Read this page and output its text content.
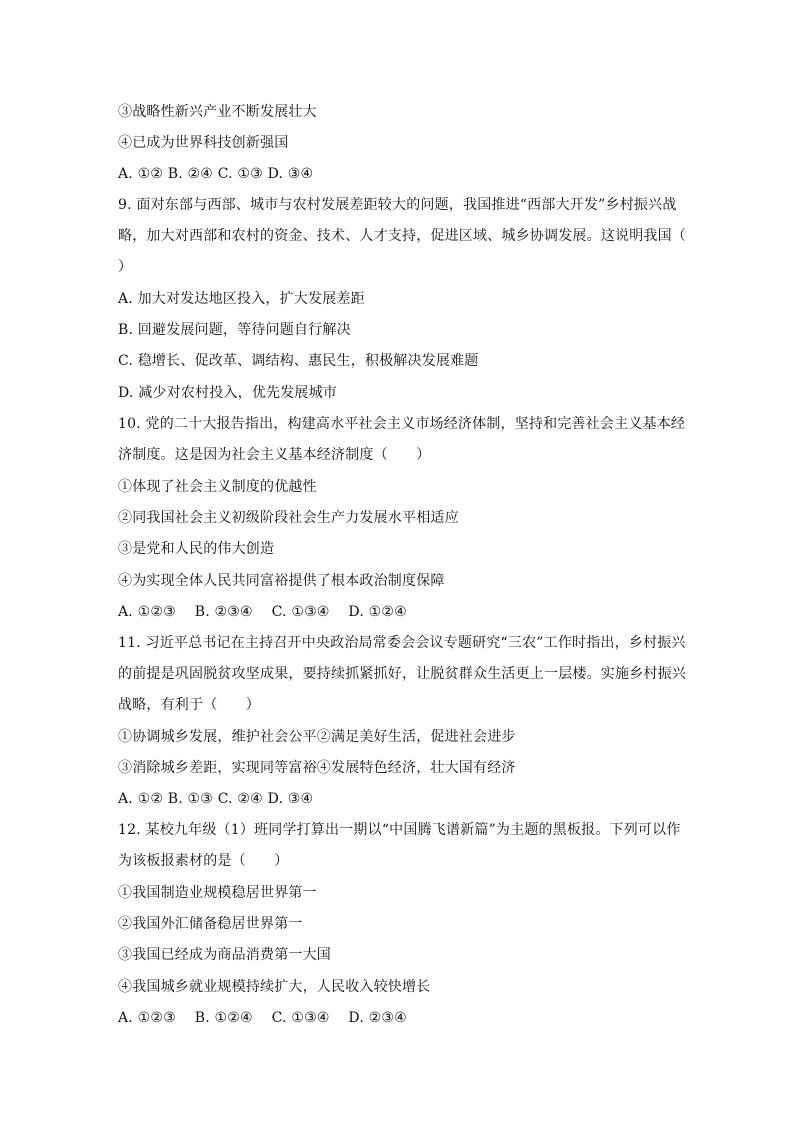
③战略性新兴产业不断发展壮大
④已成为世界科技创新强国
A. ①② B. ②④ C. ①③ D. ③④
9. 面对东部与西部、城市与农村发展差距较大的问题，我国推进“西部大开发”乡村振兴战略，加大对西部和农村的资金、技术、人才支持，促进区域、城乡协调发展。这说明我国（　　）
A. 加大对发达地区投入，扩大发展差距
B. 回避发展问题，等待问题自行解决
C. 稳增长、促改革、调结构、惠民生，积极解决发展难题
D. 减少对农村投入，优先发展城市
10. 党的二十大报告指出，构建高水平社会主义市场经济体制，坚持和完善社会主义基本经济制度。这是因为社会主义基本经济制度（　　）
①体现了社会主义制度的优越性
②同我国社会主义初级阶段社会生产力发展水平相适应
③是党和人民的伟大创造
④为实现全体人民共同富裕提供了根本政治制度保障
A. ①②③　 B. ②③④　 C. ①③④　 D. ①②④
11. 习近平总书记在主持召开中央政治局常委会会议专题研究“三农”工作时指出，乡村振兴的前提是巩固脱贫攻坚成果，要持续抓紧抓好，让脱贫群众生活更上一层楼。实施乡村振兴战略，有利于（　　）
①协调城乡发展，维护社会公平②满足美好生活，促进社会进步
③消除城乡差距，实现同等富裕④发展特色经济，壮大国有经济
A. ①② B. ①③ C. ②④ D. ③④
12. 某校九年级（1）班同学打算出一期以“中国腾飞谱新篇”为主题的黑板报。下列可以作为该板报素材的是（　　）
①我国制造业规模稳居世界第一
②我国外汇储备稳居世界第一
③我国已经成为商品消费第一大国
④我国城乡就业规模持续扩大，人民收入较快增长
A. ①②③　 B. ①②④　 C. ①③④　 D. ②③④
